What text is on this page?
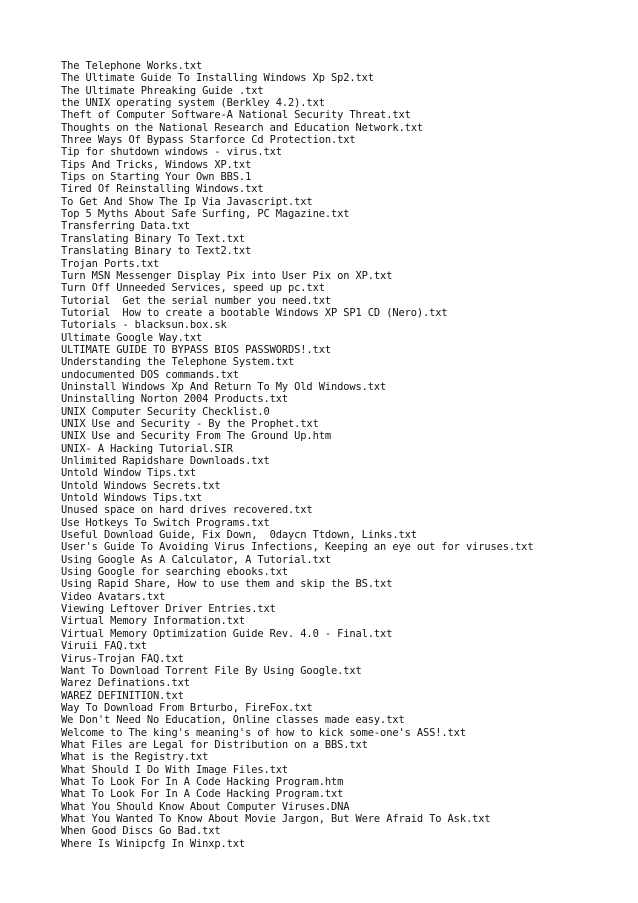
The Telephone Works.txt
The Ultimate Guide To Installing Windows Xp Sp2.txt
The Ultimate Phreaking Guide .txt
the UNIX operating system (Berkley 4.2).txt
Theft of Computer Software-A National Security Threat.txt
Thoughts on the National Research and Education Network.txt
Three Ways Of Bypass Starforce Cd Protection.txt
Tip for shutdown windows - virus.txt
Tips And Tricks, Windows XP.txt
Tips on Starting Your Own BBS.1
Tired Of Reinstalling Windows.txt
To Get And Show The Ip Via Javascript.txt
Top 5 Myths About Safe Surfing, PC Magazine.txt
Transferring Data.txt
Translating Binary To Text.txt
Translating Binary to Text2.txt
Trojan Ports.txt
Turn MSN Messenger Display Pix into User Pix on XP.txt
Turn Off Unneeded Services, speed up pc.txt
Tutorial  Get the serial number you need.txt
Tutorial  How to create a bootable Windows XP SP1 CD (Nero).txt
Tutorials - blacksun.box.sk
Ultimate Google Way.txt
ULTIMATE GUIDE TO BYPASS BIOS PASSWORDS!.txt
Understanding the Telephone System.txt
undocumented DOS commands.txt
Uninstall Windows Xp And Return To My Old Windows.txt
Uninstalling Norton 2004 Products.txt
UNIX Computer Security Checklist.0
UNIX Use and Security - By the Prophet.txt
UNIX Use and Security From The Ground Up.htm
UNIX- A Hacking Tutorial.SIR
Unlimited Rapidshare Downloads.txt
Untold Window Tips.txt
Untold Windows Secrets.txt
Untold Windows Tips.txt
Unused space on hard drives recovered.txt
Use Hotkeys To Switch Programs.txt
Useful Download Guide, Fix Down,  0daycn Ttdown, Links.txt
User's Guide To Avoiding Virus Infections, Keeping an eye out for viruses.txt
Using Google As A Calculator, A Tutorial.txt
Using Google for searching ebooks.txt
Using Rapid Share, How to use them and skip the BS.txt
Video Avatars.txt
Viewing Leftover Driver Entries.txt
Virtual Memory Information.txt
Virtual Memory Optimization Guide Rev. 4.0 - Final.txt
Viruii FAQ.txt
Virus-Trojan FAQ.txt
Want To Download Torrent File By Using Google.txt
Warez Definations.txt
WAREZ DEFINITION.txt
Way To Download From Brturbo, FireFox.txt
We Don't Need No Education, Online classes made easy.txt
Welcome to The king's meaning's of how to kick some-one's ASS!.txt
What Files are Legal for Distribution on a BBS.txt
What is the Registry.txt
What Should I Do With Image Files.txt
What To Look For In A Code Hacking Program.htm
What To Look For In A Code Hacking Program.txt
What You Should Know About Computer Viruses.DNA
What You Wanted To Know About Movie Jargon, But Were Afraid To Ask.txt
When Good Discs Go Bad.txt
Where Is Winipcfg In Winxp.txt
